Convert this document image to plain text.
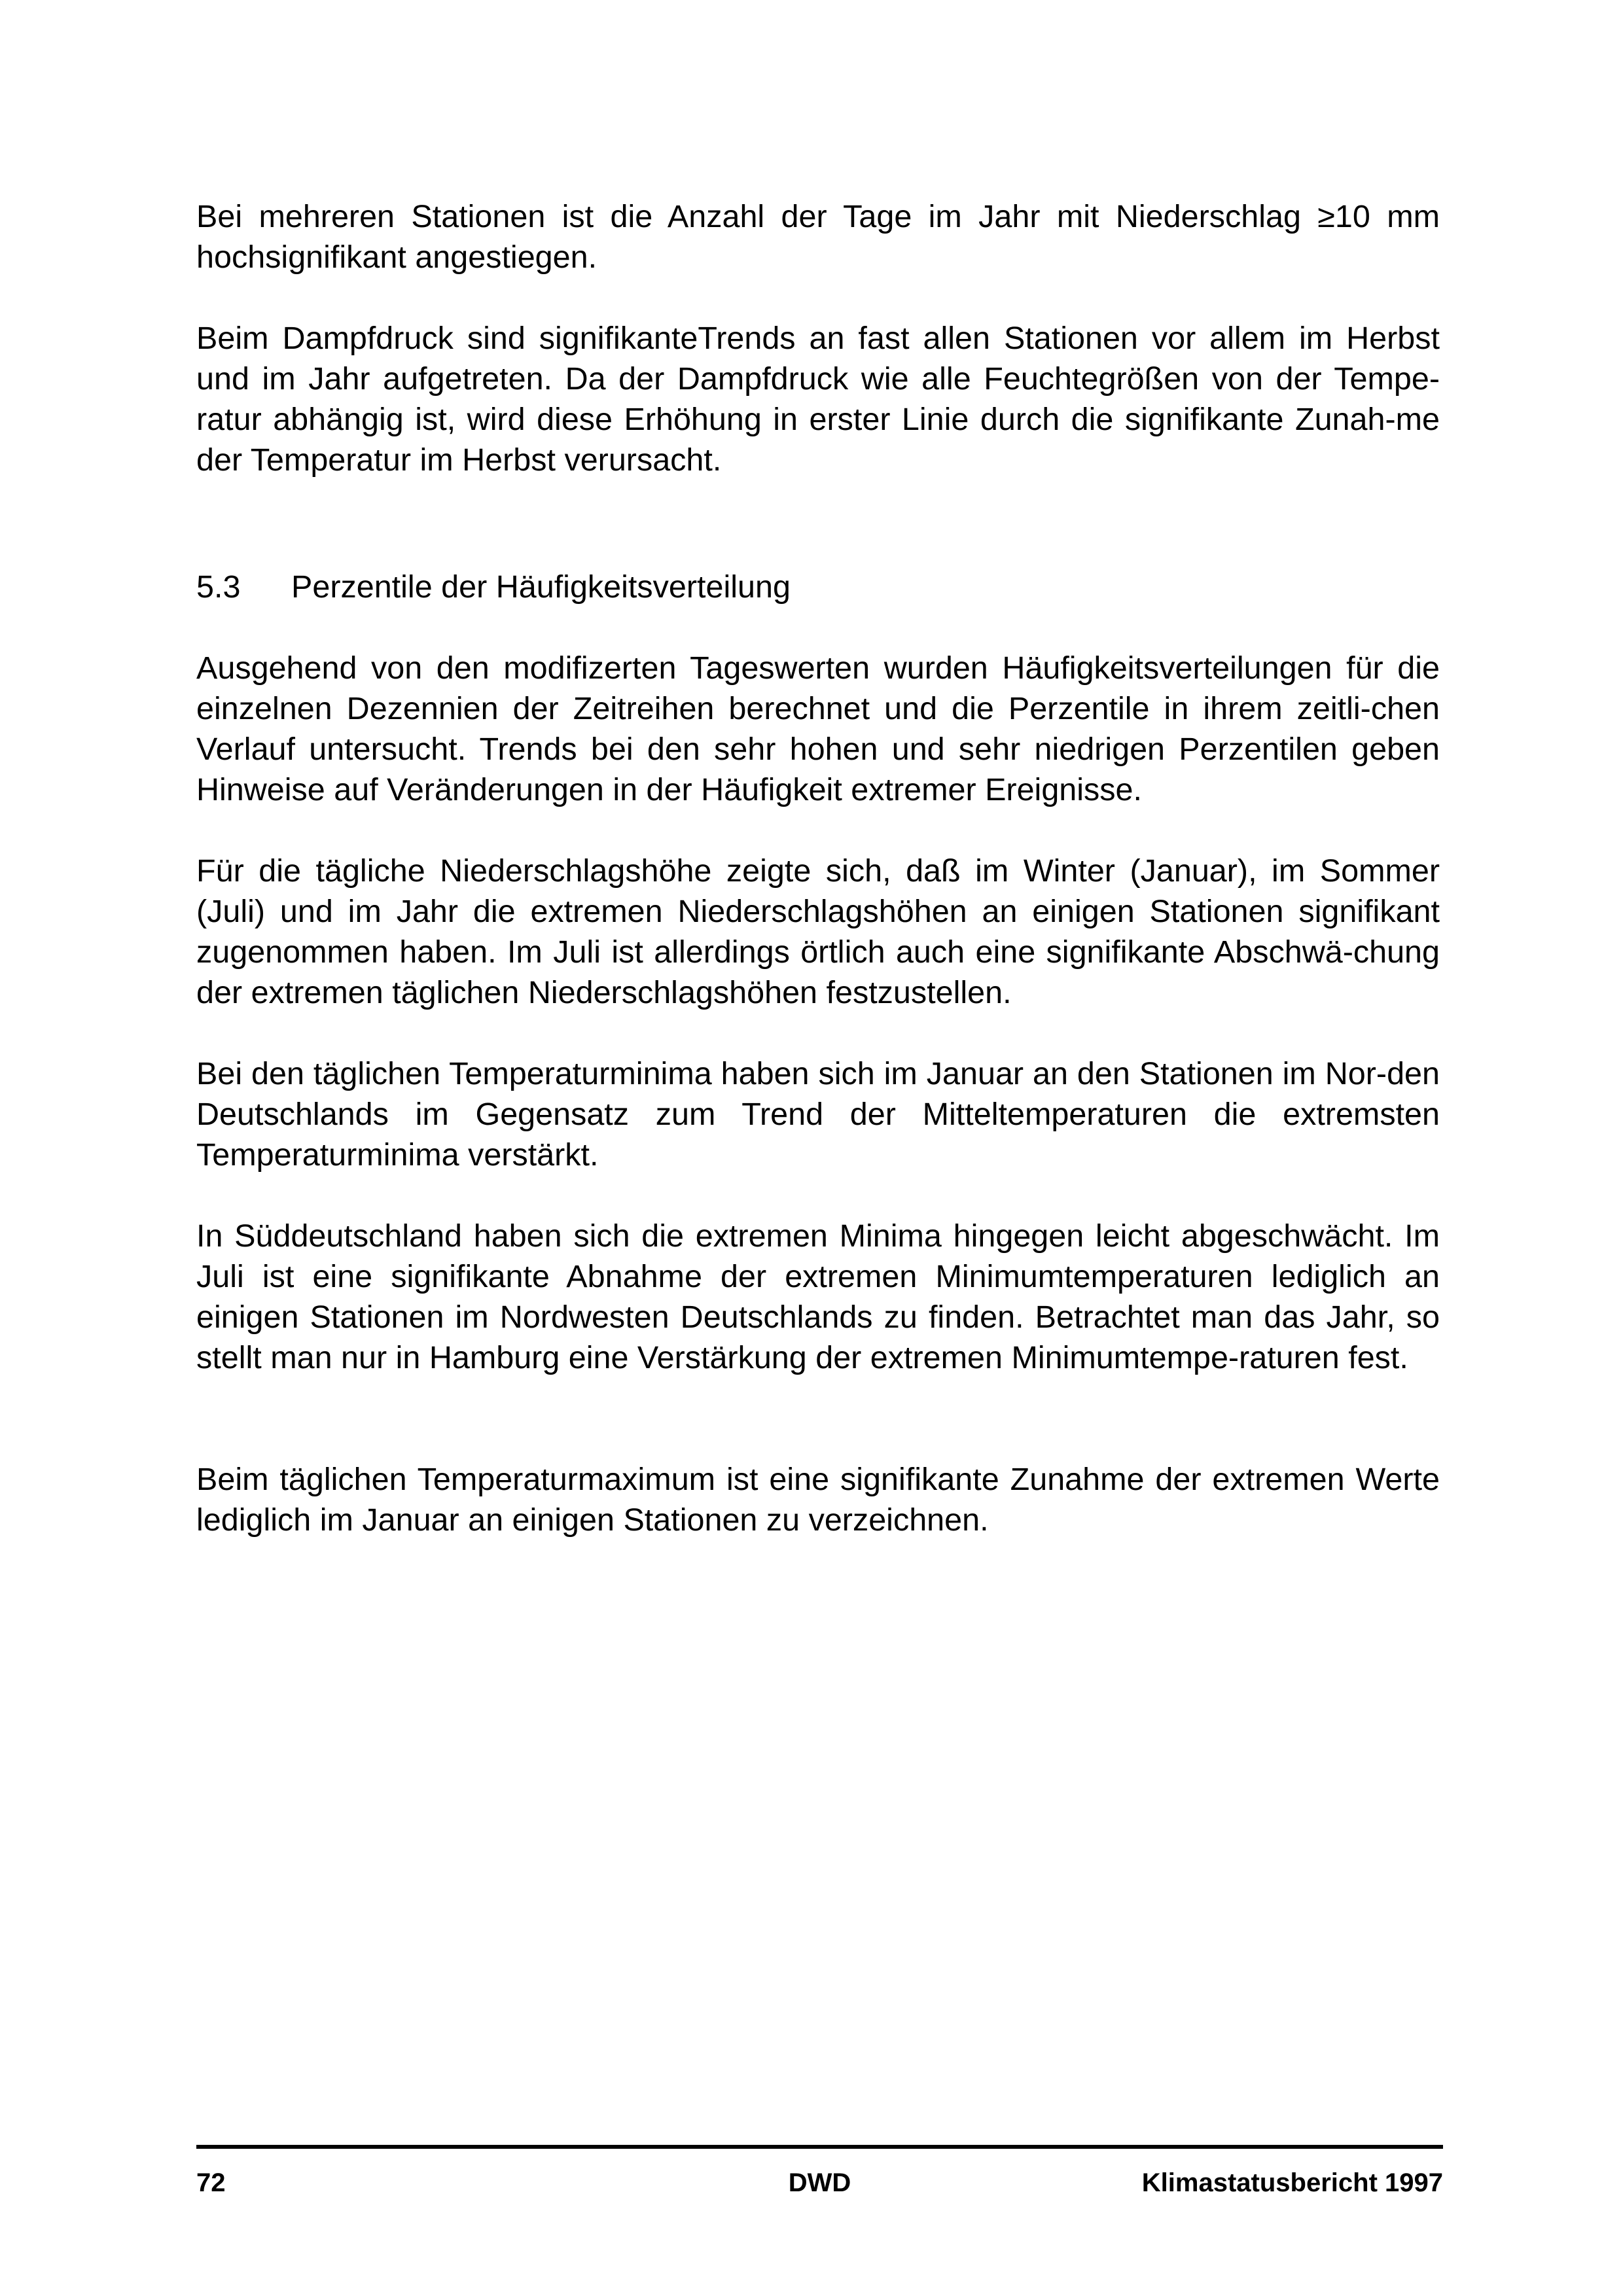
Bei mehreren Stationen ist die Anzahl der Tage im Jahr mit Niederschlag ≥10 mm hochsignifikant angestiegen.

Beim Dampfdruck sind signifikanteTrends an fast allen Stationen vor allem im Herbst und im Jahr aufgetreten. Da der Dampfdruck wie alle Feuchtegrößen von der Tempe-ratur abhängig ist, wird diese Erhöhung in erster Linie durch die signifikante Zunah-me der Temperatur im Herbst verursacht.

5.3 Perzentile der Häufigkeitsverteilung

Ausgehend von den modifizerten Tageswerten wurden Häufigkeitsverteilungen für die einzelnen Dezennien der Zeitreihen berechnet und die Perzentile in ihrem zeitli-chen Verlauf untersucht. Trends bei den sehr hohen und sehr niedrigen Perzentilen geben Hinweise auf Veränderungen in der Häufigkeit extremer Ereignisse.

Für die tägliche Niederschlagshöhe zeigte sich, daß im Winter (Januar), im Sommer (Juli) und im Jahr die extremen Niederschlagshöhen an einigen Stationen signifikant zugenommen haben. Im Juli ist allerdings örtlich auch eine signifikante Abschwä-chung der extremen täglichen Niederschlagshöhen festzustellen.

Bei den täglichen Temperaturminima haben sich im Januar an den Stationen im Nor-den Deutschlands im Gegensatz zum Trend der Mitteltemperaturen die extremsten Temperaturminima verstärkt.

In Süddeutschland haben sich die extremen Minima hingegen leicht abgeschwächt. Im Juli ist eine signifikante Abnahme der extremen Minimumtemperaturen lediglich an einigen Stationen im Nordwesten Deutschlands zu finden. Betrachtet man das Jahr, so stellt man nur in Hamburg eine Verstärkung der extremen Minimumtempe-raturen fest.

Beim täglichen Temperaturmaximum ist eine signifikante Zunahme der extremen Werte lediglich im Januar an einigen Stationen zu verzeichnen.

72	DWD	Klimastatusbericht 1997
